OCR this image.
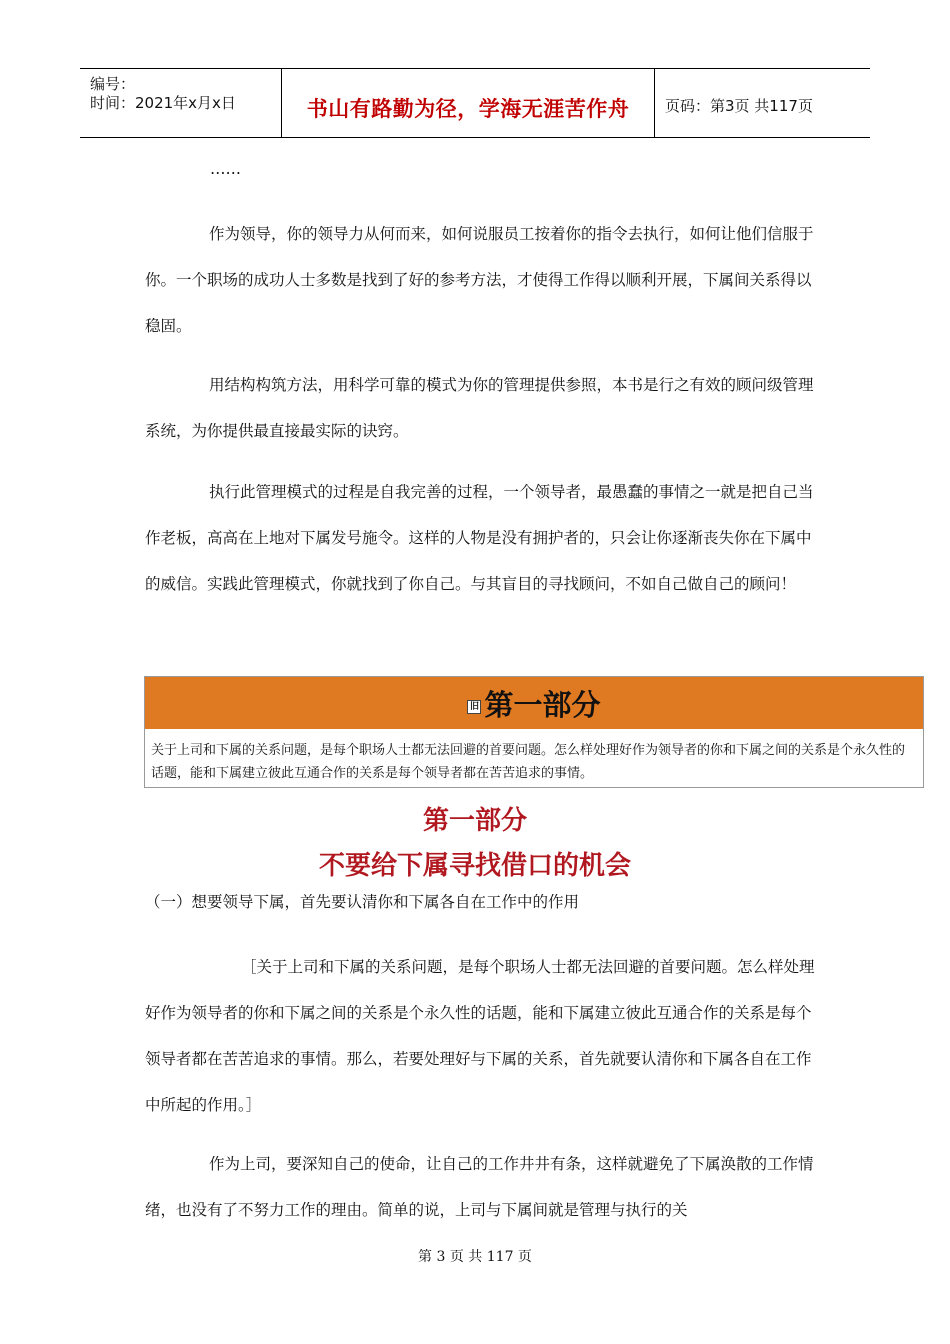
编号：
时间：2021年x月x日	书山有路勤为径，学海无涯苦作舟	页码：第3页 共117页
……

作为领导，你的领导力从何而来，如何说服员工按着你的指令去执行，如何让他们信服于你。一个职场的成功人士多数是找到了好的参考方法，才使得工作得以顺利开展，下属间关系得以稳固。

用结构构筑方法，用科学可靠的模式为你的管理提供参照，本书是行之有效的顾问级管理系统，为你提供最直接最实际的诀窍。

执行此管理模式的过程是自我完善的过程，一个领导者，最愚蠢的事情之一就是把自己当作老板，高高在上地对下属发号施令。这样的人物是没有拥护者的，只会让你逐渐丧失你在下属中的威信。实践此管理模式，你就找到了你自己。与其盲目的寻找顾问，不如自己做自己的顾问！

旧 第一部分
关于上司和下属的关系问题，是每个职场人士都无法回避的首要问题。怎么样处理好作为领导者的你和下属之间的关系是个永久性的话题，能和下属建立彼此互通合作的关系是每个领导者都在苦苦追求的事情。
第一部分
不要给下属寻找借口的机会
（一）想要领导下属，首先要认清你和下属各自在工作中的作用

［关于上司和下属的关系问题，是每个职场人士都无法回避的首要问题。怎么样处理好作为领导者的你和下属之间的关系是个永久性的话题，能和下属建立彼此互通合作的关系是每个领导者都在苦苦追求的事情。那么，若要处理好与下属的关系，首先就要认清你和下属各自在工作中所起的作用。］

作为上司，要深知自己的使命，让自己的工作井井有条，这样就避免了下属涣散的工作情绪，也没有了不努力工作的理由。简单的说，上司与下属间就是管理与执行的关

第 3 页 共 117 页
